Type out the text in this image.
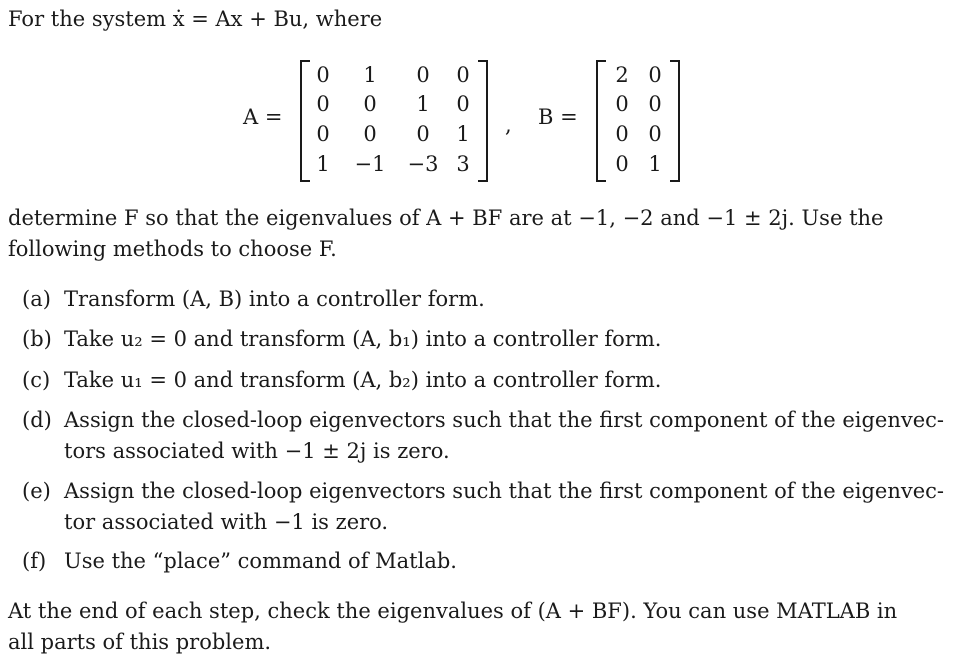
For the system ẋ = Ax + Bu, where
A =
0	1	0	0
0	0	1	0
0	0	0	1
1	−1 −3 3
, B =
2 0
0 0
0 0
0 1
determine F so that the eigenvalues of A + BF are at −1, −2 and −1 ± 2j. Use the
following methods to choose F.
(a) Transform (A, B) into a controller form.
(b) Take u₂ = 0 and transform (A, b₁) into a controller form.
(c) Take u₁ = 0 and transform (A, b₂) into a controller form.
(d) Assign the closed-loop eigenvectors such that the first component of the eigenvec-
tors associated with −1 ± 2j is zero.
(e) Assign the closed-loop eigenvectors such that the first component of the eigenvec-
tor associated with −1 is zero.
(f) Use the “place” command of Matlab.
At the end of each step, check the eigenvalues of (A + BF). You can use MATLAB in
all parts of this problem.
